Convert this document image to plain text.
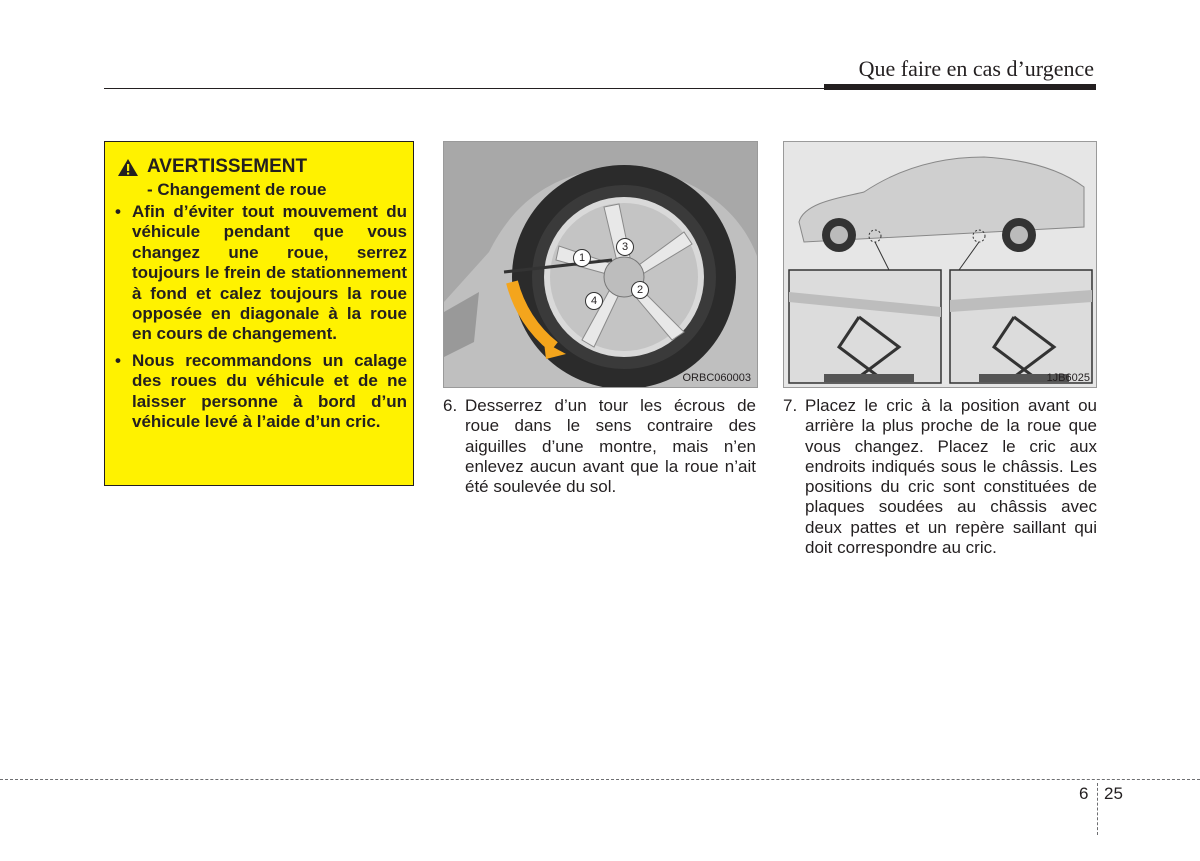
Que faire en cas d’urgence
AVERTISSEMENT
- Changement de roue
• Afin d’éviter tout mouvement du véhicule pendant que vous changez une roue, serrez toujours le frein de stationnement à fond et calez toujours la roue opposée en diagonale à la roue en cours de changement.
• Nous recommandons un calage des roues du véhicule et de ne laisser personne à bord d’un véhicule levé à l’aide d’un cric.
1
2
3
4
ORBC060003	1JB6025
6. Desserrez d’un tour les écrous de roue dans le sens contraire des aiguilles d’une montre, mais n’en enlevez aucun avant que la roue n’ait été soulevée du sol.
7. Placez le cric à la position avant ou arrière la plus proche de la roue que vous changez. Placez le cric aux endroits indiqués sous le châssis. Les positions du cric sont constituées de plaques soudées au châssis avec deux pattes et un repère saillant qui doit correspondre au cric.
6 25
